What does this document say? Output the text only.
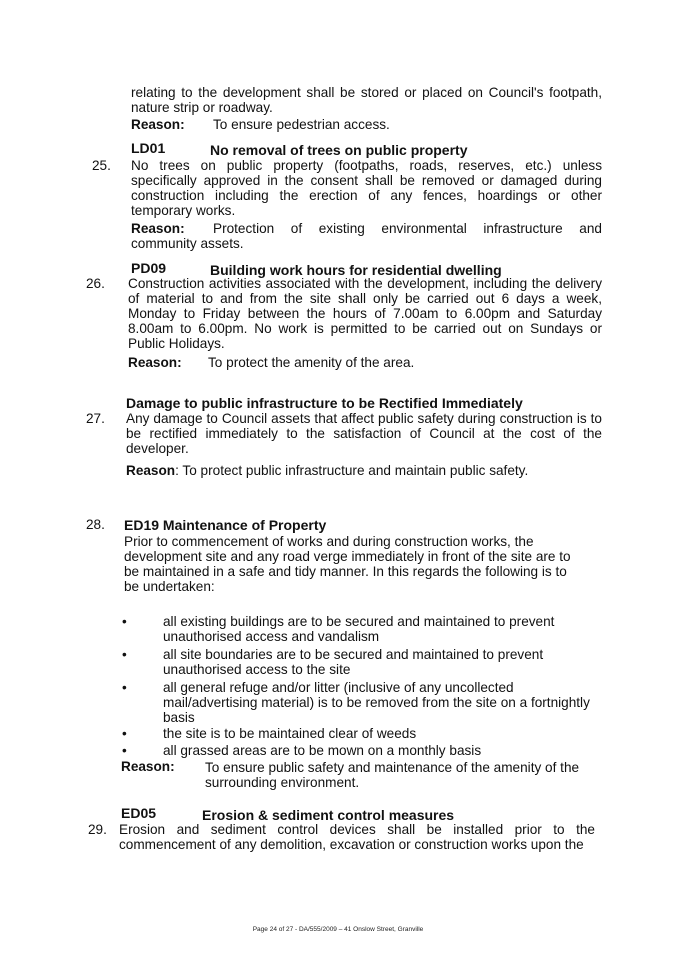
relating to the development shall be stored or placed on Council's footpath, nature strip or roadway.

Reason: To ensure pedestrian access.
LD01	No removal of trees on public property
25. No trees on public property (footpaths, roads, reserves, etc.) unless specifically approved in the consent shall be removed or damaged during construction including the erection of any fences, hoardings or other temporary works.

Reason: Protection of existing environmental infrastructure and community assets.

PD09	Building work hours for residential dwelling
26. Construction activities associated with the development, including the delivery of material to and from the site shall only be carried out 6 days a week, Monday to Friday between the hours of 7.00am to 6.00pm and Saturday 8.00am to 6.00pm. No work is permitted to be carried out on Sundays or Public Holidays.

Reason: To protect the amenity of the area.
Damage to public infrastructure to be Rectified Immediately
27. Any damage to Council assets that affect public safety during construction is to be rectified immediately to the satisfaction of Council at the cost of the developer.

Reason: To protect public infrastructure and maintain public safety.
28. ED19 Maintenance of Property

Prior to commencement of works and during construction works, the development site and any road verge immediately in front of the site are to be maintained in a safe and tidy manner. In this regards the following is to be undertaken:

•	all existing buildings are to be secured and maintained to prevent unauthorised access and vandalism

•	all site boundaries are to be secured and maintained to prevent unauthorised access to the site

•	all general refuge and/or litter (inclusive of any uncollected mail/advertising material) is to be removed from the site on a fortnightly basis

•	the site is to be maintained clear of weeds

•	all grassed areas are to be mown on a monthly basis

Reason:	To ensure public safety and maintenance of the amenity of the surrounding environment.

ED05	Erosion & sediment control measures
29. Erosion and sediment control devices shall be installed prior to the commencement of any demolition, excavation or construction works upon the

Page 24 of 27 - DA/555/2009 – 41 Onslow Street, Granville
